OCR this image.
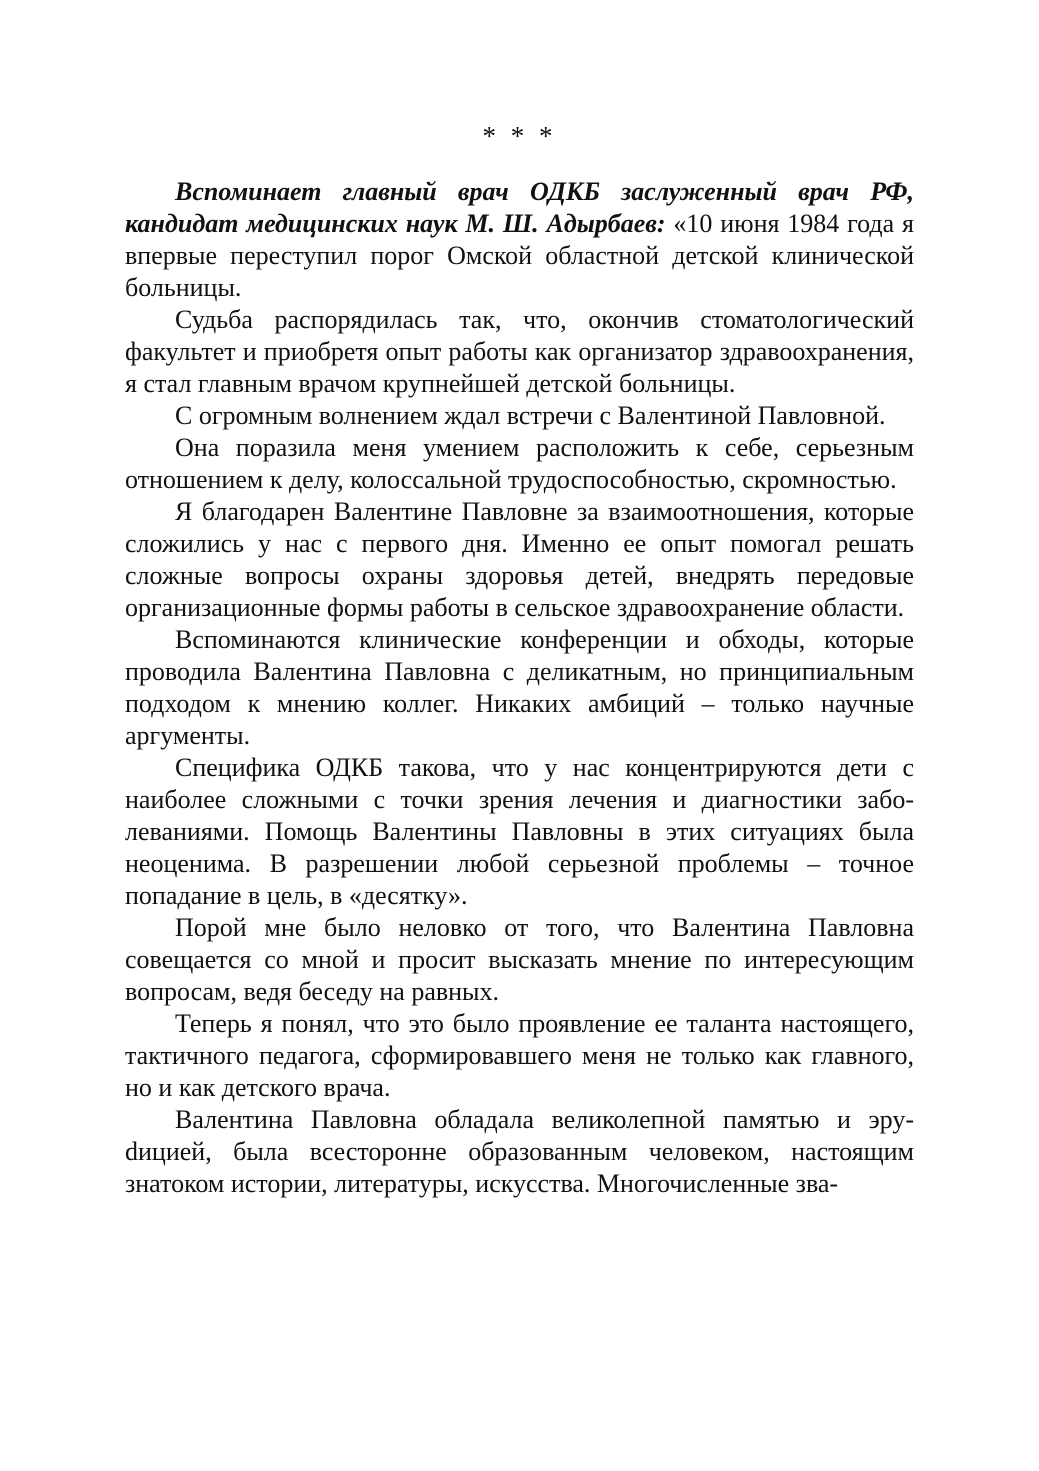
* * *

Вспоминает главный врач ОДКБ заслуженный врач РФ, кандидат медицинских наук М. Ш. Адырбаев: «10 июня 1984 года я впервые переступил порог Омской областной детской клинической больницы.

Судьба распорядилась так, что, окончив стоматологический факультет и приобретя опыт работы как организатор здравоохранения, я стал главным врачом крупнейшей детской больницы.

С огромным волнением ждал встречи с Валентиной Павловной.

Она поразила меня умением расположить к себе, серьезным отношением к делу, колоссальной трудоспособностью, скромностью.

Я благодарен Валентине Павловне за взаимоотношения, которые сложились у нас с первого дня. Именно ее опыт помогал решать сложные вопросы охраны здоровья детей, внедрять передовые организационные формы работы в сельское здравоохранение области.

Вспоминаются клинические конференции и обходы, которые проводила Валентина Павловна с деликатным, но принципиальным подходом к мнению коллег. Никаких амбиций – только научные аргументы.

Специфика ОДКБ такова, что у нас концентрируются дети с наиболее сложными с точки зрения лечения и диагностики заболеваниями. Помощь Валентины Павловны в этих ситуациях была неоценима. В разрешении любой серьезной проблемы – точное попадание в цель, в «десятку».

Порой мне было неловко от того, что Валентина Павловна совещается со мной и просит высказать мнение по интересующим вопросам, ведя беседу на равных.

Теперь я понял, что это было проявление ее таланта настоящего, тактичного педагога, сформировавшего меня не только как главного, но и как детского врача.

Валентина Павловна обладала великолепной памятью и эруdицией, была всесторонне образованным человеком, настоящим знатоком истории, литературы, искусства. Многочисленные зва-
